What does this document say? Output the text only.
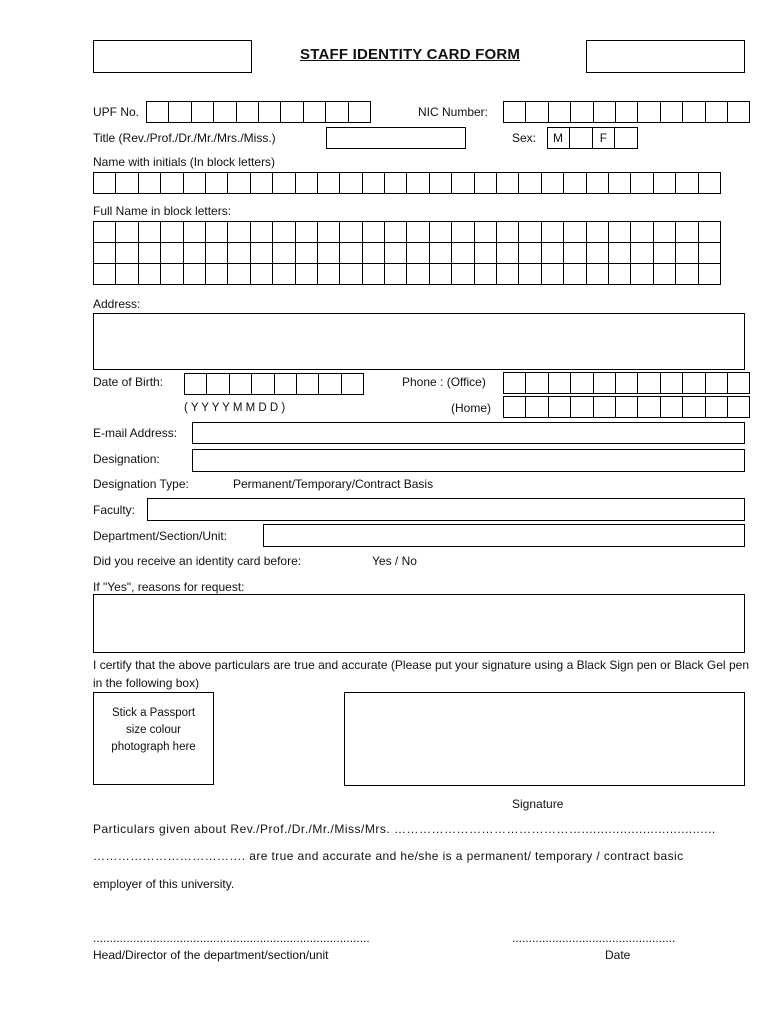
STAFF IDENTITY CARD FORM
UPF No.	NIC Number:
Title (Rev./Prof./Dr./Mr./Mrs./Miss.)	Sex: M	F
Name with initials (In block letters)
Full Name in block letters:
Address:
Date of Birth:
( Y Y Y Y M M D D )
Phone : (Office)
(Home)
E-mail Address:
Designation:
Designation Type:	Permanent/Temporary/Contract Basis
Faculty:
Department/Section/Unit:
Did you receive an identity card before:	Yes / No
If "Yes", reasons for request:
I certify that the above particulars are true and accurate (Please put your signature using a Black Sign pen or Black Gel pen in the following box)
Stick a Passport size colour photograph here
Signature
Particulars given about Rev./Prof./Dr./Mr./Miss/Mrs. ………………………………………...................................
………………………………. are true and accurate and he/she is a permanent/ temporary / contract basic
employer of this university.
...................................................................................	.................................................
Head/Director of the department/section/unit	Date
